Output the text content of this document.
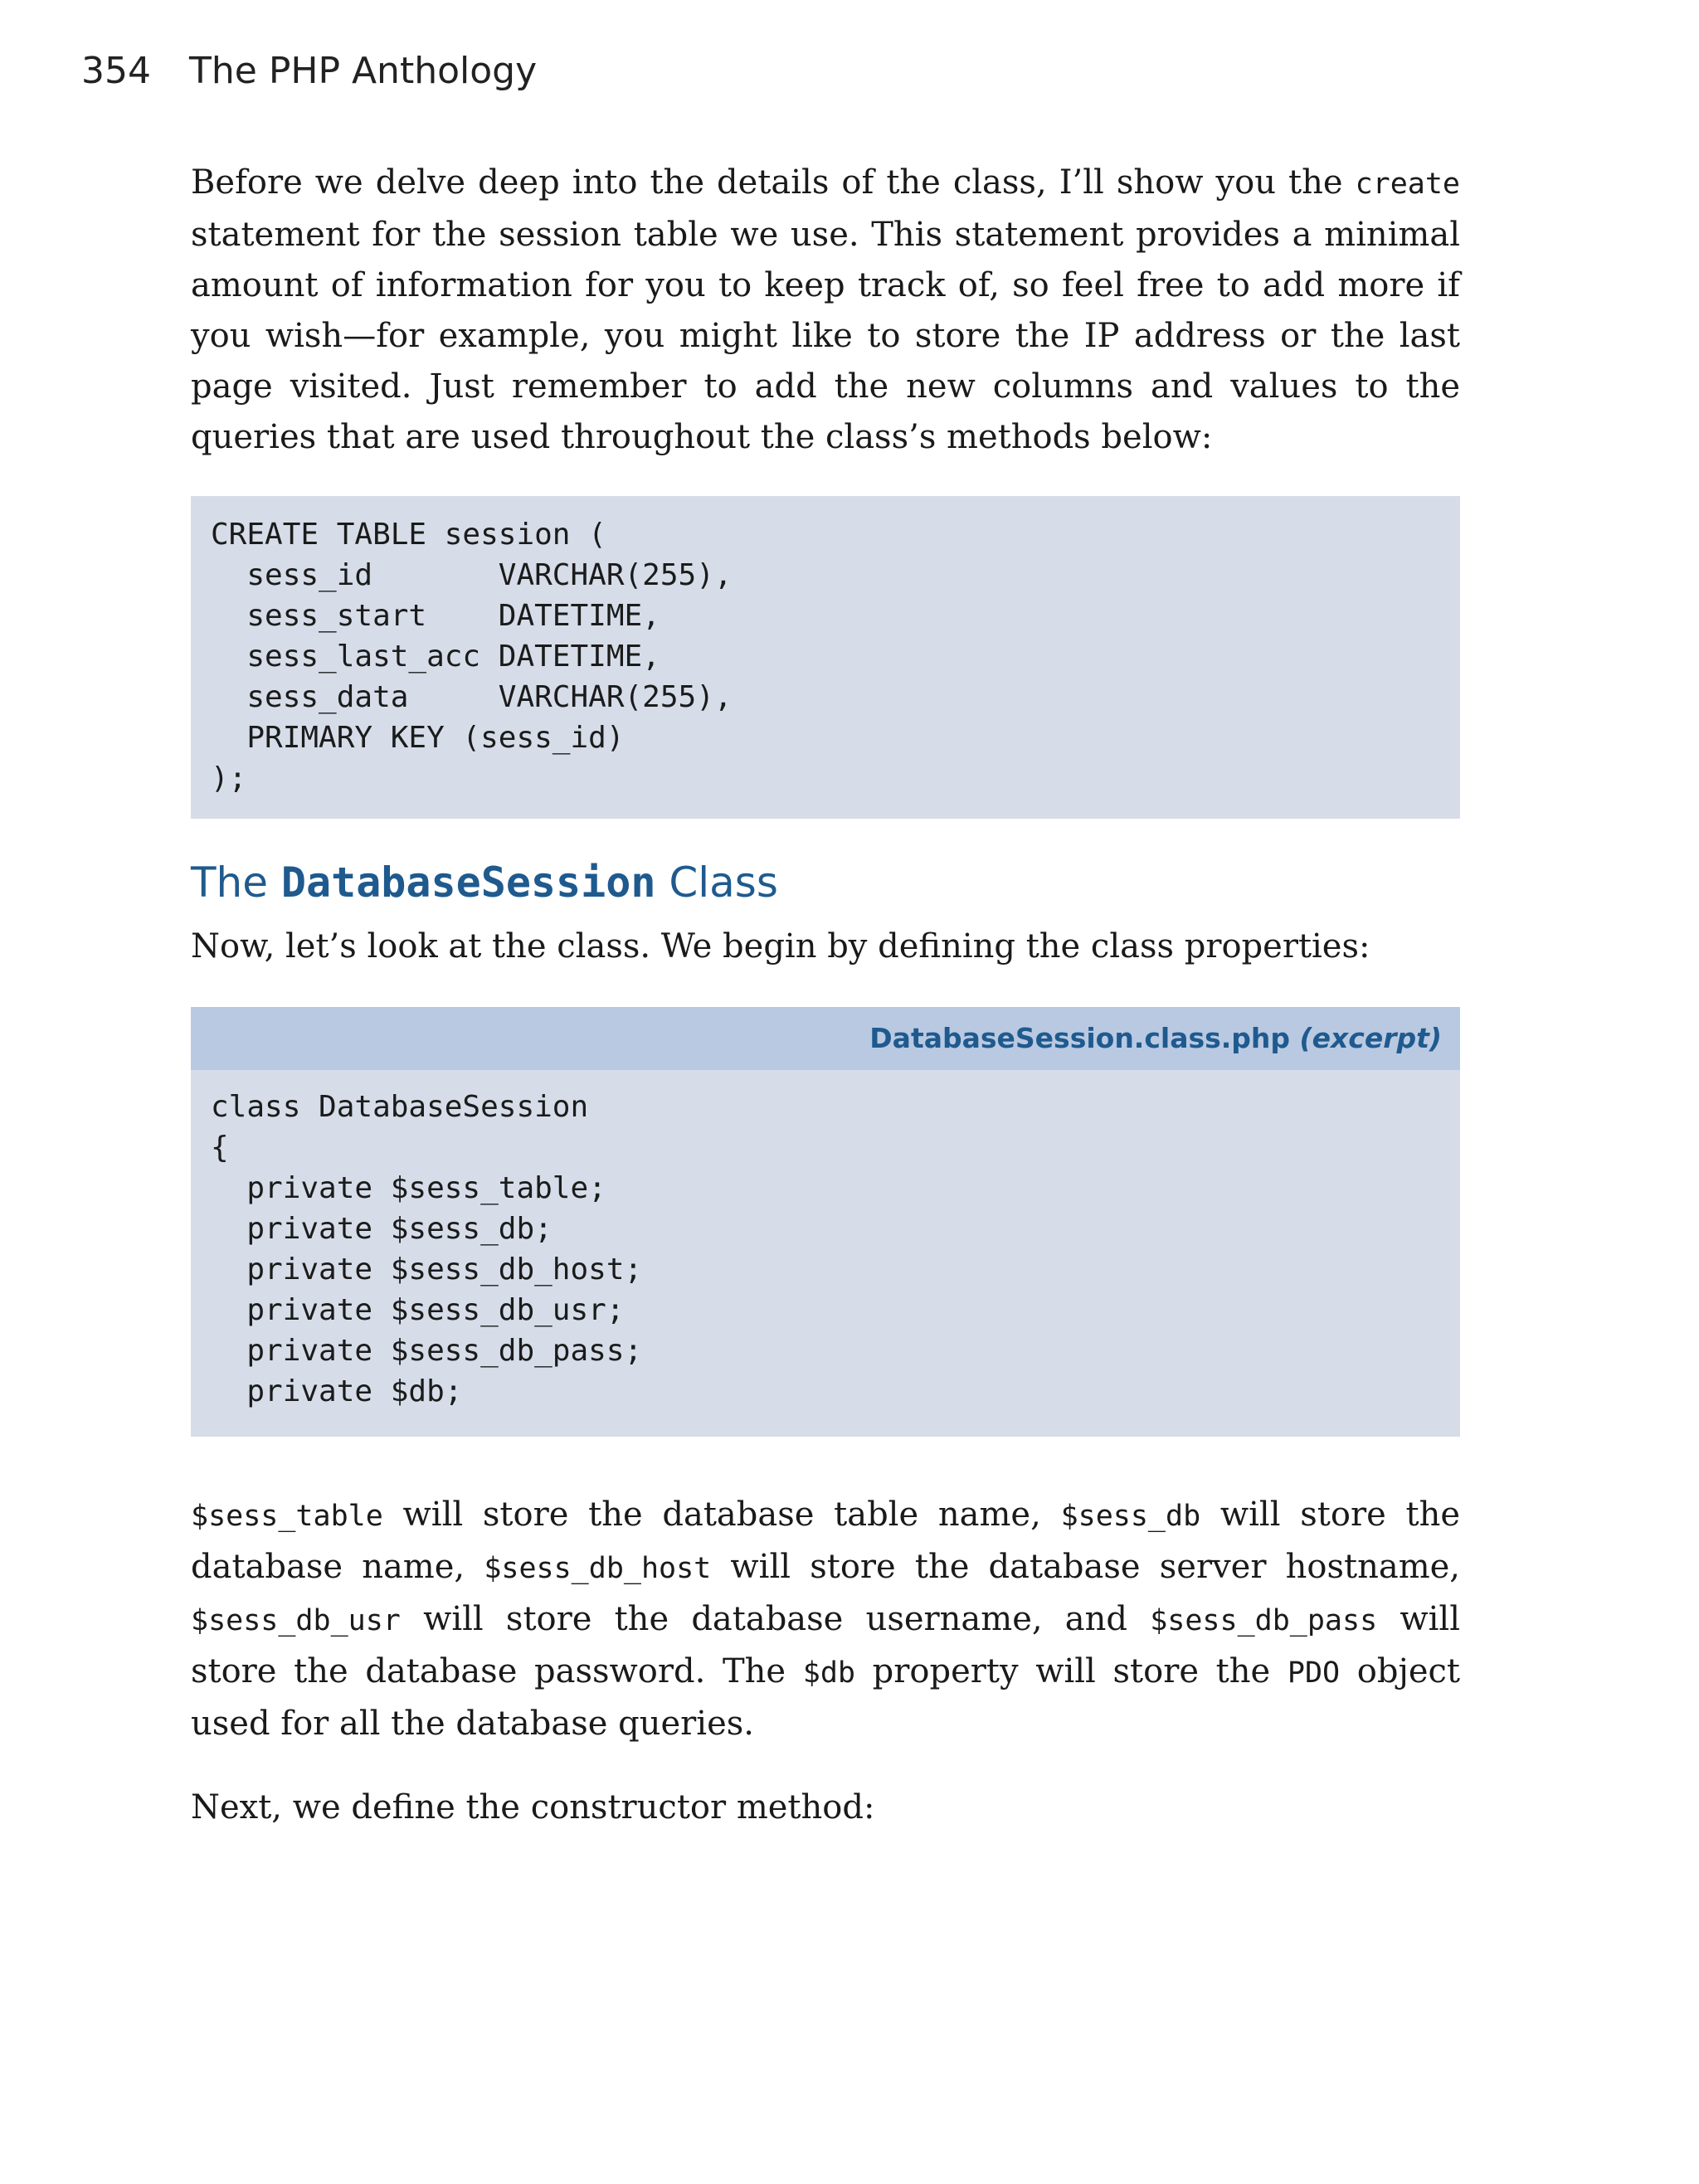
354 The PHP Anthology

Before we delve deep into the details of the class, I’ll show you the create statement for the session table we use. This statement provides a minimal amount of information for you to keep track of, so feel free to add more if you wish—for example, you might like to store the IP address or the last page visited. Just remember to add the new columns and values to the queries that are used throughout the class’s methods below:

CREATE TABLE session (
sess_id       VARCHAR(255),
sess_start    DATETIME,
sess_last_acc DATETIME,
sess_data     VARCHAR(255),
PRIMARY KEY (sess_id)
);
The DatabaseSession Class

Now, let’s look at the class. We begin by defining the class properties:

DatabaseSession.class.php (excerpt)
class DatabaseSession
{
private $sess_table;
private $sess_db;
private $sess_db_host;
private $sess_db_usr;
private $sess_db_pass;
private $db;

$sess_table will store the database table name, $sess_db will store the database name, $sess_db_host will store the database server hostname, $sess_db_usr will store the database username, and $sess_db_pass will store the database password. The $db property will store the PDO object used for all the database queries.

Next, we define the constructor method:
